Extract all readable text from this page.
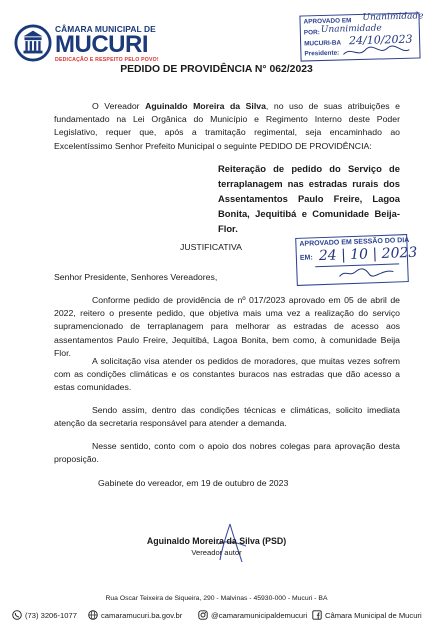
CÂMARA MUNICIPAL DE
MUCURI
DEDICAÇÃO E RESPEITO PELO POVO!
APROVADO EM Unanimidade
POR: Unanimidade
MUCURI-BA 24/10/2023
Presidente:
PEDIDO DE PROVIDÊNCIA N° 062/2023
O Vereador Aguinaldo Moreira da Silva, no uso de suas atribuições e fundamentado na Lei Orgânica do Município e Regimento Interno deste Poder Legislativo, requer que, após a tramitação regimental, seja encaminhado ao Excelentíssimo Senhor Prefeito Municipal o seguinte PEDIDO DE PROVIDÊNCIA:
Reiteração de pedido do Serviço de terraplanagem nas estradas rurais dos Assentamentos Paulo Freire, Lagoa Bonita, Jequitibá e Comunidade Beija-Flor.
JUSTIFICATIVA	APROVADO EM SESSÃO DO DIA
EM: 24 | 10 | 2023
Senhor Presidente, Senhores Vereadores,
Conforme pedido de providência de nº 017/2023 aprovado em 05 de abril de 2022, reitero o presente pedido, que objetiva mais uma vez a realização do serviço supramencionado de terraplanagem para melhorar as estradas de acesso aos assentamentos Paulo Freire, Jequitibá, Lagoa Bonita, bem como, à comunidade Beija Flor.
A solicitação visa atender os pedidos de moradores, que muitas vezes sofrem com as condições climáticas e os constantes buracos nas estradas que dão acesso a estas comunidades.
Sendo assim, dentro das condições técnicas e climáticas, solicito imediata atenção da secretaria responsável para atender a demanda.
Nesse sentido, conto com o apoio dos nobres colegas para aprovação desta proposição.
Gabinete do vereador, em 19 de outubro de 2023
Aguinaldo Moreira da Silva (PSD)
Vereador autor
Rua Oscar Teixeira de Siqueira, 290 - Malvinas - 45930-000 - Mucuri - BA
(73) 3206-1077	camaramucuri.ba.gov.br	@camaramunicipaldemucuri Câmara Municipal de Mucuri
